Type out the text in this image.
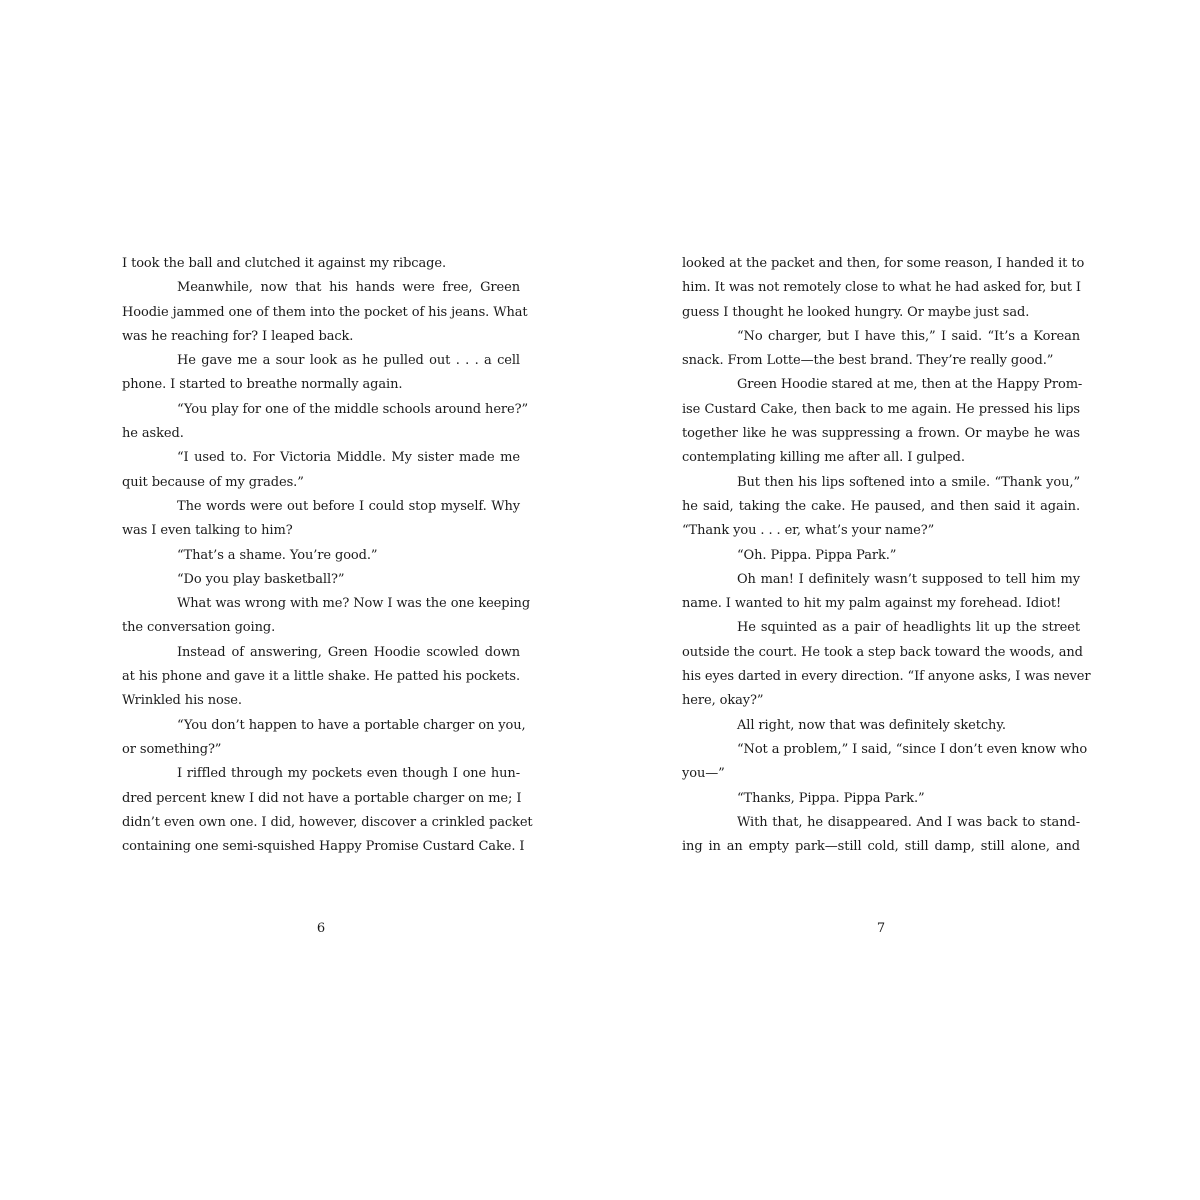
I took the ball and clutched it against my ribcage.
Meanwhile, now that his hands were free, Green
Hoodie jammed one of them into the pocket of his jeans. What
was he reaching for? I leaped back.
He gave me a sour look as he pulled out . . . a cell
phone. I started to breathe normally again.
“You play for one of the middle schools around here?”
he asked.
“I used to. For Victoria Middle. My sister made me
quit because of my grades.”
The words were out before I could stop myself. Why
was I even talking to him?
“That’s a shame. You’re good.”
“Do you play basketball?”
What was wrong with me? Now I was the one keeping
the conversation going.
Instead of answering, Green Hoodie scowled down
at his phone and gave it a little shake. He patted his pockets.
Wrinkled his nose.
“You don’t happen to have a portable charger on you,
or something?”
I riffled through my pockets even though I one hun-
dred percent knew I did not have a portable charger on me; I
didn’t even own one. I did, however, discover a crinkled packet
containing one semi-squished Happy Promise Custard Cake. I
6
looked at the packet and then, for some reason, I handed it to
him. It was not remotely close to what he had asked for, but I
guess I thought he looked hungry. Or maybe just sad.
“No charger, but I have this,” I said. “It’s a Korean
snack. From Lotte—the best brand. They’re really good.”
Green Hoodie stared at me, then at the Happy Prom-
ise Custard Cake, then back to me again. He pressed his lips
together like he was suppressing a frown. Or maybe he was
contemplating killing me after all. I gulped.
But then his lips softened into a smile. “Thank you,”
he said, taking the cake. He paused, and then said it again.
“Thank you . . . er, what’s your name?”
“Oh. Pippa. Pippa Park.”
Oh man! I definitely wasn’t supposed to tell him my
name. I wanted to hit my palm against my forehead. Idiot!
He squinted as a pair of headlights lit up the street
outside the court. He took a step back toward the woods, and
his eyes darted in every direction. “If anyone asks, I was never
here, okay?”
All right, now that was definitely sketchy.
“Not a problem,” I said, “since I don’t even know who
you—”
“Thanks, Pippa. Pippa Park.”
With that, he disappeared. And I was back to stand-
ing in an empty park—still cold, still damp, still alone, and
7
